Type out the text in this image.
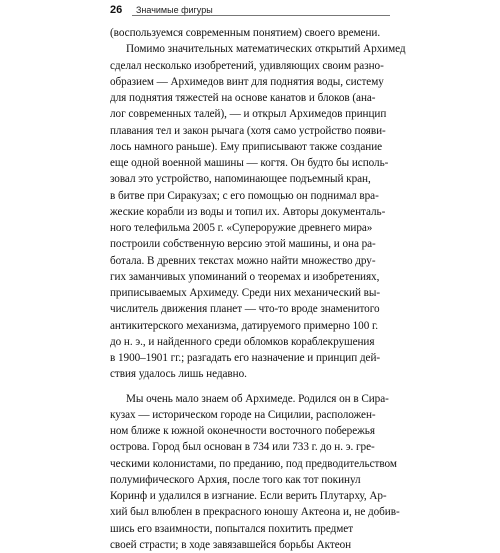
26 Значимые фигуры

(воспользуемся современным понятием) своего времени.
Помимо значительных математических открытий Архимед
сделал несколько изобретений, удивляющих своим разно-
образием — Архимедов винт для поднятия воды, систему
для поднятия тяжестей на основе канатов и блоков (ана-
лог современных талей), — и открыл Архимедов принцип
плавания тел и закон рычага (хотя само устройство появи-
лось намного раньше). Ему приписывают также создание
еще одной военной машины — когтя. Он будто бы исполь-
зовал это устройство, напоминающее подъемный кран,
в битве при Сиракузах; с его помощью он поднимал вра-
жеские корабли из воды и топил их. Авторы документаль-
ного телефильма 2005 г. «Супероружие древнего мира»
построили собственную версию этой машины, и она ра-
ботала. В древних текстах можно найти множество дру-
гих заманчивых упоминаний о теоремах и изобретениях,
приписываемых Архимеду. Среди них механический вы-
числитель движения планет — что-то вроде знаменитого
антикитерского механизма, датируемого примерно 100 г.
до н. э., и найденного среди обломков кораблекрушения
в 1900–1901 гг.; разгадать его назначение и принцип дей-
ствия удалось лишь недавно.

Мы очень мало знаем об Архимеде. Родился он в Сира-
кузах — историческом городе на Сицилии, расположен-
ном ближе к южной оконечности восточного побережья
острова. Город был основан в 734 или 733 г. до н. э. гре-
ческими колонистами, по преданию, под предводительством
полумифического Архия, после того как тот покинул
Коринф и удалился в изгнание. Если верить Плутарху, Ар-
хий был влюблен в прекрасного юношу Актеона и, не добив-
шись его взаимности, попытался похитить предмет
своей страсти; в ходе завязавшейся борьбы Актеон
